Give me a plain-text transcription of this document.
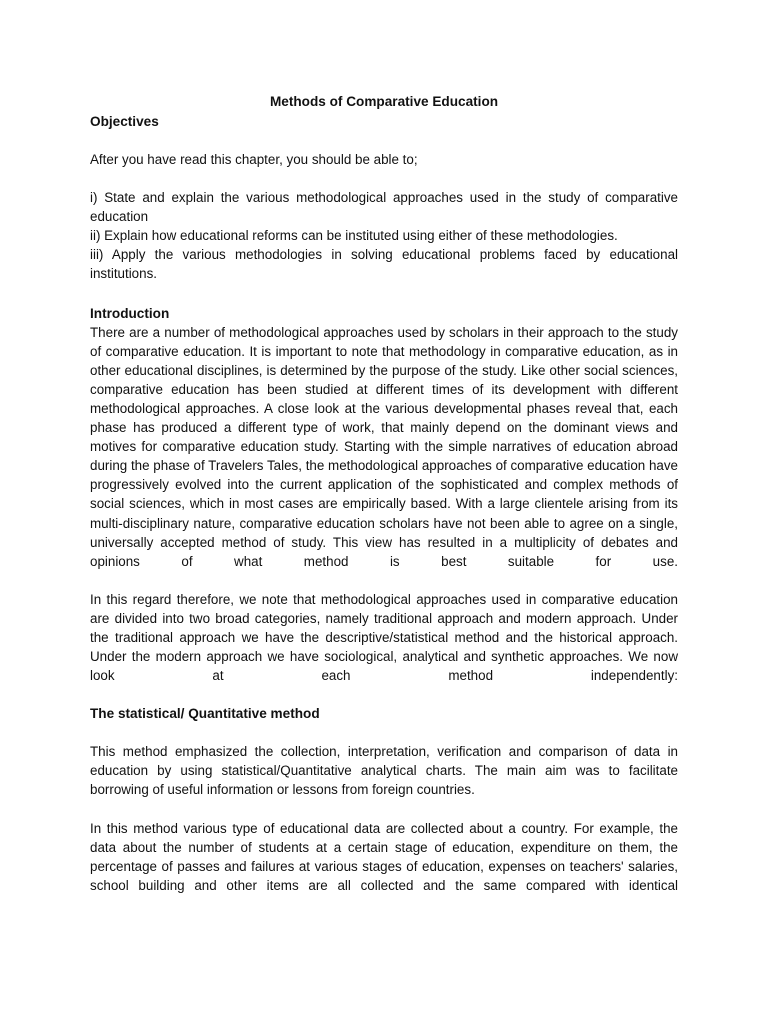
Methods of Comparative Education
Objectives

After you have read this chapter, you should be able to;

i) State and explain the various methodological approaches used in the study of comparative education

ii) Explain how educational reforms can be instituted using either of these methodologies.

iii) Apply the various methodologies in solving educational problems faced by educational institutions.

Introduction

There are a number of methodological approaches used by scholars in their approach to the study of comparative education. It is important to note that methodology in comparative education, as in other educational disciplines, is determined by the purpose of the study. Like other social sciences, comparative education has been studied at different times of its development with different methodological approaches. A close look at the various developmental phases reveal that, each phase has produced a different type of work, that mainly depend on the dominant views and motives for comparative education study. Starting with the simple narratives of education abroad during the phase of Travelers Tales, the methodological approaches of comparative education have progressively evolved into the current application of the sophisticated and complex methods of social sciences, which in most cases are empirically based. With a large clientele arising from its multi-disciplinary nature, comparative education scholars have not been able to agree on a single, universally accepted method of study. This view has resulted in a multiplicity of debates and opinions of what method is best suitable for use.

In this regard therefore, we note that methodological approaches used in comparative education are divided into two broad categories, namely traditional approach and modern approach. Under the traditional approach we have the descriptive/statistical method and the historical approach. Under the modern approach we have sociological, analytical and synthetic approaches. We now look at each method independently:

The statistical/ Quantitative method

This method emphasized the collection, interpretation, verification and comparison of data in education by using statistical/Quantitative analytical charts. The main aim was to facilitate borrowing of useful information or lessons from foreign countries.

In this method various type of educational data are collected about a country. For example, the data about the number of students at a certain stage of education, expenditure on them, the percentage of passes and failures at various stages of education, expenses on teachers' salaries, school building and other items are all collected and the same compared with identical
